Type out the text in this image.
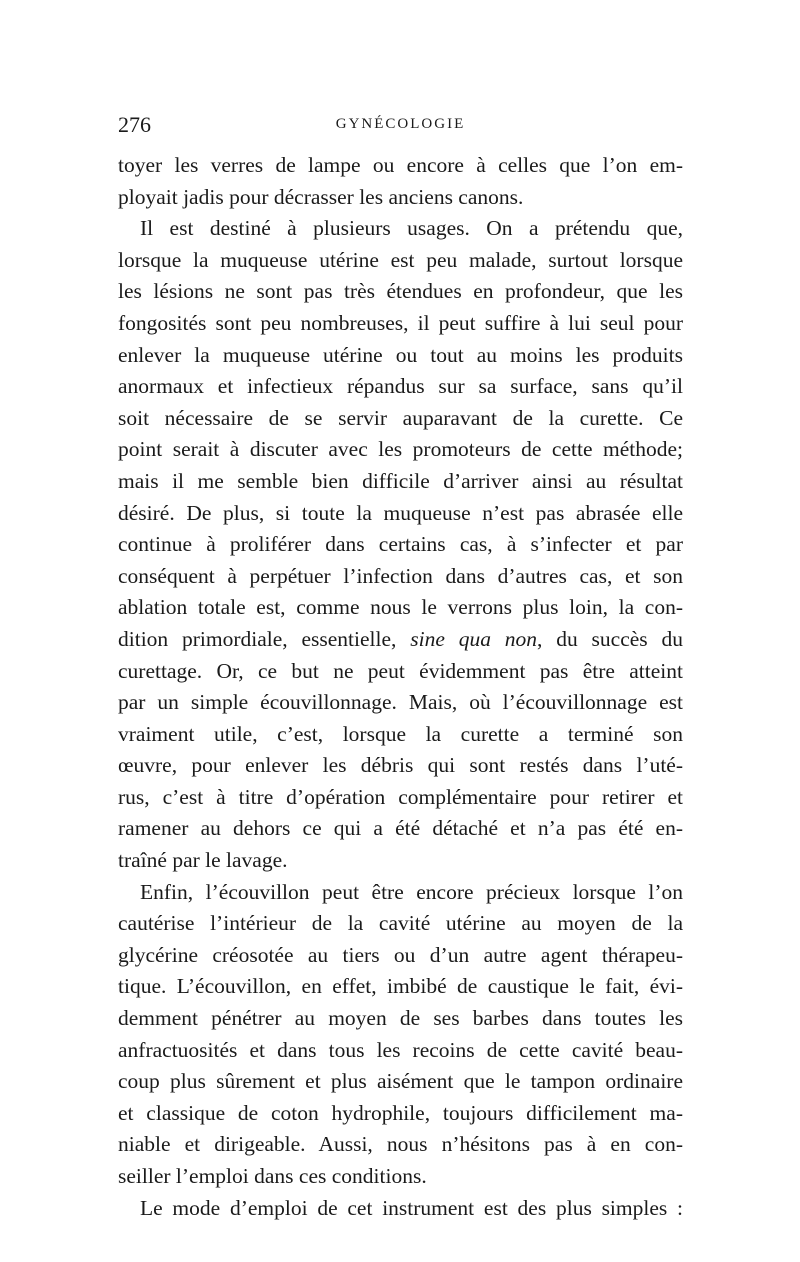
276	GYNÉCOLOGIE
toyer les verres de lampe ou encore à celles que l’on em-
ployait jadis pour décrasser les anciens canons.
Il est destiné à plusieurs usages. On a prétendu que,
lorsque la muqueuse utérine est peu malade, surtout lorsque
les lésions ne sont pas très étendues en profondeur, que les
fongosités sont peu nombreuses, il peut suffire à lui seul pour
enlever la muqueuse utérine ou tout au moins les produits
anormaux et infectieux répandus sur sa surface, sans qu’il
soit nécessaire de se servir auparavant de la curette. Ce
point serait à discuter avec les promoteurs de cette méthode;
mais il me semble bien difficile d’arriver ainsi au résultat
désiré. De plus, si toute la muqueuse n’est pas abrasée elle
continue à proliférer dans certains cas, à s’infecter et par
conséquent à perpétuer l’infection dans d’autres cas, et son
ablation totale est, comme nous le verrons plus loin, la con-
dition primordiale, essentielle, sine qua non, du succès du
curettage. Or, ce but ne peut évidemment pas être atteint
par un simple écouvillonnage. Mais, où l’écouvillonnage est
vraiment utile, c’est, lorsque la curette a terminé son
œuvre, pour enlever les débris qui sont restés dans l’uté-
rus, c’est à titre d’opération complémentaire pour retirer et
ramener au dehors ce qui a été détaché et n’a pas été en-
traîné par le lavage.
Enfin, l’écouvillon peut être encore précieux lorsque l’on
cautérise l’intérieur de la cavité utérine au moyen de la
glycérine créosotée au tiers ou d’un autre agent thérapeu-
tique. L’écouvillon, en effet, imbibé de caustique le fait, évi-
demment pénétrer au moyen de ses barbes dans toutes les
anfractuosités et dans tous les recoins de cette cavité beau-
coup plus sûrement et plus aisément que le tampon ordinaire
et classique de coton hydrophile, toujours difficilement ma-
niable et dirigeable. Aussi, nous n’hésitons pas à en con-
seiller l’emploi dans ces conditions.
Le mode d’emploi de cet instrument est des plus simples :
